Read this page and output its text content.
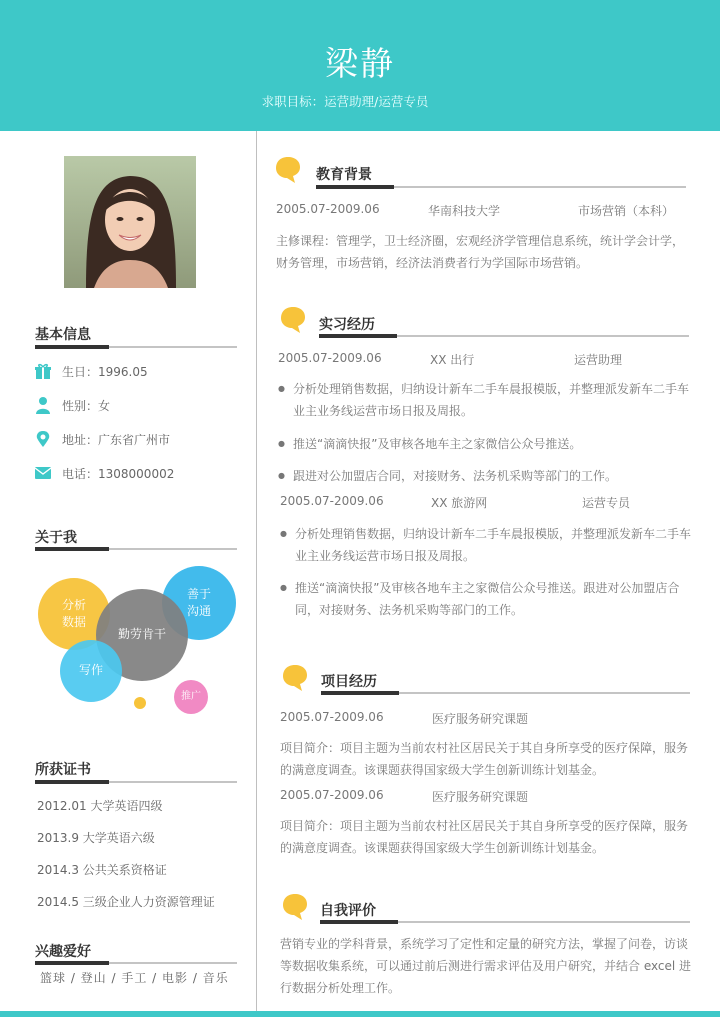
梁静
求职目标：运营助理/运营专员
基本信息
生日：1996.05
性别：女
地址：广东省广州市
电话：1308000002
关于我
分析
数据
善于
沟通
勤劳肯干
写作
推广
所获证书
2012.01 大学英语四级
2013.9 大学英语六级
2014.3 公共关系资格证
2014.5 三级企业人力资源管理证
兴趣爱好
篮球 / 登山 / 手工 / 电影 / 音乐
教育背景
2005.07-2009.06	华南科技大学	市场营销（本科）
主修课程：管理学，卫士经济圈，宏观经济学管理信息系统，统计学会计学，财务管理，市场营销，经济法消费者行为学国际市场营销。
实习经历
2005.07-2009.06	XX 出行	运营助理
● 分析处理销售数据，归纳设计新车二手车晨报模版，并整理派发新车二手车业主业务线运营市场日报及周报。
● 推送“滴滴快报”及审核各地车主之家微信公众号推送。
● 跟进对公加盟店合同，对接财务、法务机采购等部门的工作。
2005.07-2009.06	XX 旅游网	运营专员
● 分析处理销售数据，归纳设计新车二手车晨报模版，并整理派发新车二手车业主业务线运营市场日报及周报。
● 推送“滴滴快报”及审核各地车主之家微信公众号推送。跟进对公加盟店合同，对接财务、法务机采购等部门的工作。
项目经历
2005.07-2009.06	医疗服务研究课题
项目简介：项目主题为当前农村社区居民关于其自身所享受的医疗保障，服务的满意度调查。该课题获得国家级大学生创新训练计划基金。
2005.07-2009.06	医疗服务研究课题
项目简介：项目主题为当前农村社区居民关于其自身所享受的医疗保障，服务的满意度调查。该课题获得国家级大学生创新训练计划基金。
自我评价
营销专业的学科背景，系统学习了定性和定量的研究方法，掌握了问卷，访谈等数据收集系统，可以通过前后测进行需求评估及用户研究，并结合 excel 进行数据分析处理工作。
